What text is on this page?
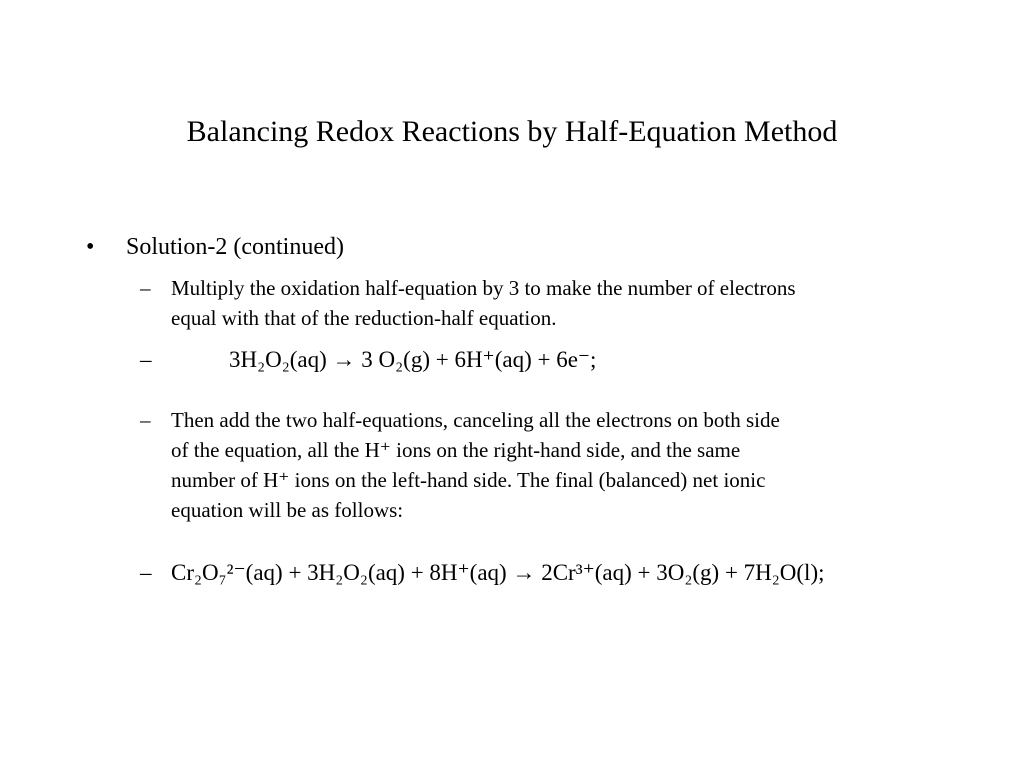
Balancing Redox Reactions by Half-Equation Method
• Solution-2 (continued)
– Multiply the oxidation half-equation by 3 to make the number of electrons
equal with that of the reduction-half equation.
–	3H₂O₂(aq) → 3 O₂(g) + 6H⁺(aq) + 6e⁻;
– Then add the two half-equations, canceling all the electrons on both side
of the equation, all the H⁺ ions on the right-hand side, and the same
number of H⁺ ions on the left-hand side. The final (balanced) net ionic
equation will be as follows:
– Cr₂O₇²⁻(aq) + 3H₂O₂(aq) + 8H⁺(aq) → 2Cr³⁺(aq) + 3O₂(g) + 7H₂O(l);
